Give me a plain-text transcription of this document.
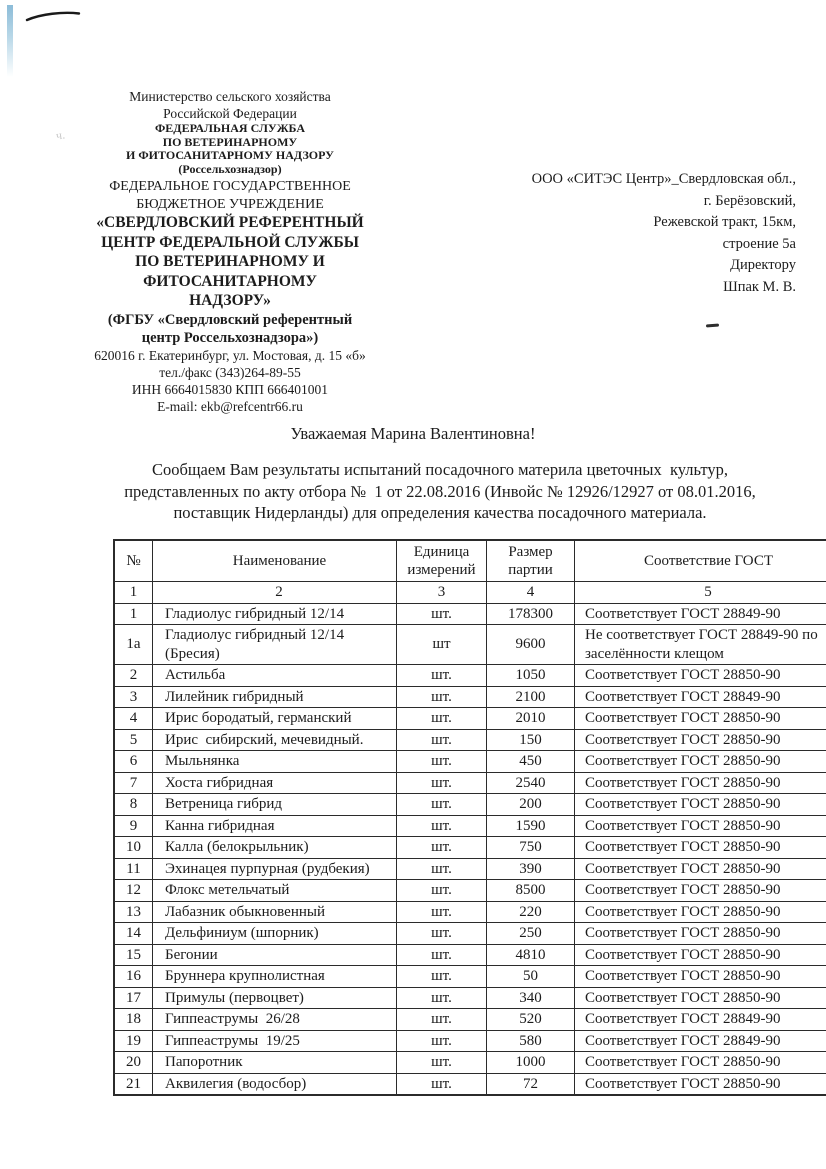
ч.
Министерство сельского хозяйства
Российской Федерации
ФЕДЕРАЛЬНАЯ СЛУЖБА
ПО ВЕТЕРИНАРНОМУ
И ФИТОСАНИТАРНОМУ НАДЗОРУ
(Россельхознадзор)
ФЕДЕРАЛЬНОЕ ГОСУДАРСТВЕННОЕ
БЮДЖЕТНОЕ УЧРЕЖДЕНИЕ
«СВЕРДЛОВСКИЙ РЕФЕРЕНТНЫЙ
ЦЕНТР ФЕДЕРАЛЬНОЙ СЛУЖБЫ
ПО ВЕТЕРИНАРНОМУ И
ФИТОСАНИТАРНОМУ
НАДЗОРУ»
(ФГБУ «Свердловский референтный
центр Россельхознадзора»)
620016 г. Екатеринбург, ул. Мостовая, д. 15 «б»
тел./факс (343)264-89-55
ИНН 6664015830 КПП 666401001
E-mail: ekb@refcentr66.ru
ООО «СИТЭС Центр»_Свердловская обл.,
г. Берёзовский,
Режевской тракт, 15км,
строение 5а
Директору
Шпак М. В.
Уважаемая Марина Валентиновна!
Сообщаем Вам результаты испытаний посадочного материла цветочных  культур,
представленных по акту отбора №  1 от 22.08.2016 (Инвойс № 12926/12927 от 08.01.2016,
поставщик Нидерланды) для определения качества посадочного материала.
№	Наименование	Единица измерений	Размер партии	Соответствие ГОСТ
1	2	3	4	5
1	Гладиолус гибридный 12/14	шт.	178300	Соответствует ГОСТ 28849-90
1а	Гладиолус гибридный 12/14 (Бресия)	шт	9600	Не соответствует ГОСТ 28849-90 по заселённости клещом
2	Астильба	шт.	1050	Соответствует ГОСТ 28850-90
3	Лилейник гибридный	шт.	2100	Соответствует ГОСТ 28849-90
4	Ирис бородатый, германский	шт.	2010	Соответствует ГОСТ 28850-90
5	Ирис  сибирский, мечевидный.	шт.	150	Соответствует ГОСТ 28850-90
6	Мыльнянка	шт.	450	Соответствует ГОСТ 28850-90
7	Хоста гибридная	шт.	2540	Соответствует ГОСТ 28850-90
8	Ветреница гибрид	шт.	200	Соответствует ГОСТ 28850-90
9	Канна гибридная	шт.	1590	Соответствует ГОСТ 28850-90
10	Калла (белокрыльник)	шт.	750	Соответствует ГОСТ 28850-90
11	Эхинацея пурпурная (рудбекия)	шт.	390	Соответствует ГОСТ 28850-90
12	Флокс метельчатый	шт.	8500	Соответствует ГОСТ 28850-90
13	Лабазник обыкновенный	шт.	220	Соответствует ГОСТ 28850-90
14	Дельфиниум (шпорник)	шт.	250	Соответствует ГОСТ 28850-90
15	Бегонии	шт.	4810	Соответствует ГОСТ 28850-90
16	Бруннера крупнолистная	шт.	50	Соответствует ГОСТ 28850-90
17	Примулы (первоцвет)	шт.	340	Соответствует ГОСТ 28850-90
18	Гиппеаструмы  26/28	шт.	520	Соответствует ГОСТ 28849-90
19	Гиппеаструмы  19/25	шт.	580	Соответствует ГОСТ 28849-90
20	Папоротник	шт.	1000	Соответствует ГОСТ 28850-90
21	Аквилегия (водосбор)	шт.	72	Соответствует ГОСТ 28850-90
